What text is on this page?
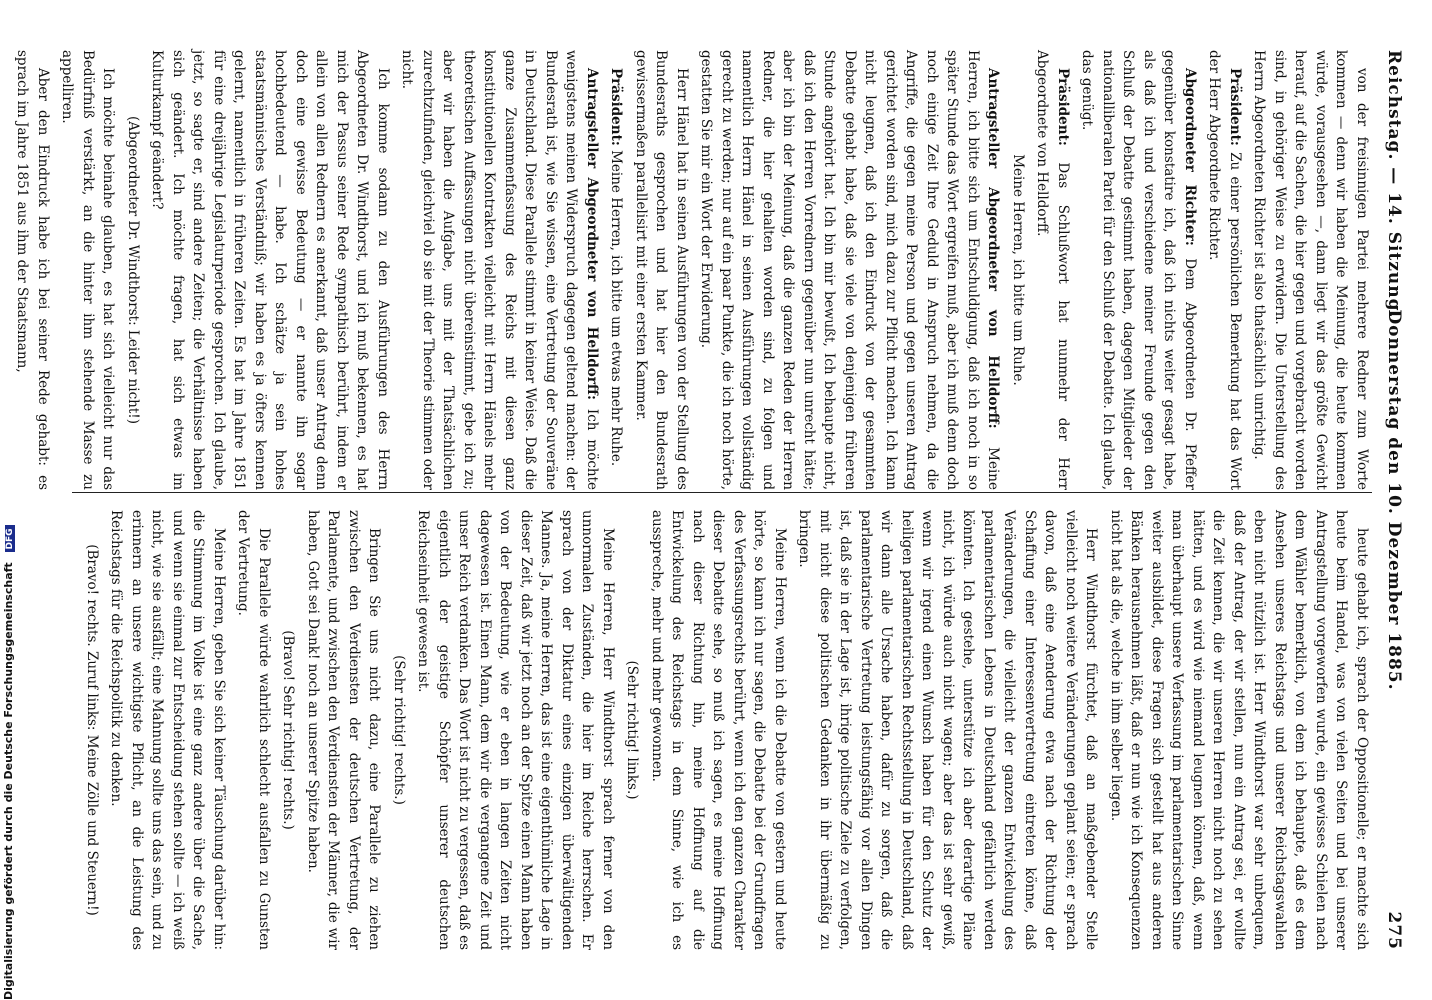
Reichstag. — 14. Sitzung.
Donnerstag den 10. Dezember 1885.
275

von der freisinnigen Partei mehrere Redner zum Worte kommen — denn wir haben die Meinung, die heute kommen würde, vorausgesehen —, dann liegt wir das größte Gewicht herauf, auf die Sachen, die hier gegen und vorgebracht worden sind, in gehöriger Weise zu erwidern. Die Unterstellung des Herrn Abgeordneten Richter ist also thatsächlich unrichtig.

Präsident: Zu einer persönlichen Bemerkung hat das Wort der Herr Abgeordnete Richter.

Abgeordneter Richter: Dem Abgeordneten Dr. Pfeffer gegenüber konstatire ich, daß ich nichts weiter gesagt habe, als daß ich und verschiedene meiner Freunde gegen den Schluß der Debatte gestimmt haben, dagegen Mitglieder der nationalliberalen Partei für den Schluß der Debatte. Ich glaube, das genügt.

Präsident: Das Schlußwort hat nunmehr der Herr Abgeordnete von Helldorff.

Meine Herren, ich bitte um Ruhe.

Antragsteller Abgeordneter von Helldorff: Meine Herren, ich bitte sich um Entschuldigung, daß ich noch in so später Stunde das Wort ergreifen muß, aber ich muß denn doch noch einige Zeit Ihre Geduld in Anspruch nehmen, da die Angriffe, die gegen meine Person und gegen unseren Antrag gerichtet worden sind, mich dazu zur Pflicht machen. Ich kann nicht leugnen, daß ich den Eindruck von der gesammten Debatte gehabt habe, daß sie viele von denjenigen früheren Stunde angehört hat. Ich bin mir bewußt, Ich behaupte nicht, daß ich den Herren Vorrednern gegenüber nun unrecht hätte; aber ich bin der Meinung, daß die ganzen Reden der Herren Redner, die hier gehalten worden sind, zu folgen und namentlich Herrn Hänel in seinen Ausführungen vollständig gerecht zu werden; nur auf ein paar Punkte, die ich noch hörte, gestatten Sie mir ein Wort der Erwiderung.

Herr Hänel hat in seinen Ausführungen von der Stellung des Bundesraths gesprochen und hat hier den Bundesrath gewissermaßen parallelisirt mit einer ersten Kammer.

Präsident: Meine Herren, ich bitte um etwas mehr Ruhe.

Antragsteller Abgeordneter von Helldorff: Ich möchte wenigstens meinen Widerspruch dagegen geltend machen: der Bundesrath ist, wie Sie wissen, eine Vertretung der Souveräne in Deutschland. Diese Parallele stimmt in keiner Weise. Daß die ganze Zusammenfassung des Reichs mit diesen ganz konstitutionellen Kontrakten vielleicht mit Herrn Hänels mehr theoretischen Auffassungen nicht übereinstimmt, gebe ich zu; aber wir haben die Aufgabe, uns mit der Thatsächlichen zurechtzufinden, gleichviel ob sie mit der Theorie stimmen oder nicht.

Ich komme sodann zu den Ausführungen des Herrn Abgeordneten Dr. Windthorst, und ich muß bekennen, es hat mich der Passus seiner Rede sympathisch berührt, indem er allein von allen Rednern es anerkannt, daß unser Antrag denn doch eine gewisse Bedeutung — er nannte ihn sogar hochbedeutend — habe. Ich schätze ja sein hohes staatsmännisches Verständniß; wir haben es ja öfters kennen gelernt, namentlich in früheren Zeiten. Es hat im Jahre 1851 für eine dreijährige Legislaturperiode gesprochen. Ich glaube, jetzt, so sagte er, sind andere Zeiten; die Verhältnisse haben sich geändert. Ich möchte fragen, hat sich etwas im Kulturkampf geändert?

(Abgeordneter Dr. Windthorst: Leider nicht!)

Ich möchte beinahe glauben, es hat sich vielleicht nur das Bedürfniß verstärkt, an die hinter ihm stehende Masse zu appelliren.

Aber den Eindruck habe ich bei seiner Rede gehabt: es sprach im Jahre 1851 aus ihm der Staatsmann,

heute gehabt ich, sprach der Oppositionelle; er machte sich heute beim Handel, was von vielen Seiten und bei unserer Antragstellung vorgeworfen wurde, ein gewisses Schielen nach dem Wähler bemerklich, von dem ich behaupte, daß es dem Ansehen unseres Reichstags und unserer Reichstagswahlen eben nicht nützlich ist. Herr Windthorst war sehr unbequem, daß der Antrag, der wir stellen, nun ein Antrag sei, er wollte die Zeit kennen, die wir unseren Herren nicht noch zu sehen hätten, und es wird wie niemand leugnen können, daß, wenn man überhaupt unsere Verfassung im parlamentarischen Sinne weiter ausbildet, diese Fragen sich gestellt hat aus anderen Bänken herausnehmen läßt, daß er nun wie ich Konsequenzen nicht hat als die, welche in ihm selber liegen.

Herr Windthorst fürchtet, daß an maßgebender Stelle vielleicht noch weitere Veränderungen geplant seien; er sprach davon, daß eine Aenderung etwa nach der Richtung der Schaffung einer Interessenvertretung eintreten könne, daß Veränderungen, die vielleicht der ganzen Entwickelung des parlamentarischen Lebens in Deutschland gefährlich werden könnten. Ich gestehe, unterstütze ich aber derartige Pläne nicht, ich würde auch nicht wagen; aber das ist sehr gewiß, wenn wir irgend einen Wunsch haben für den Schutz der heiligen parlamentarischen Rechtsstellung in Deutschland, daß wir dann alle Ursache haben, dafür zu sorgen, daß die parlamentarische Vertretung leistungsfähig vor allen Dingen ist, daß sie in der Lage ist, ihrige politische Ziele zu verfolgen, mit nicht diese politischen Gedanken in ihr übermäßig zu bringen.

Meine Herren, wenn ich die Debatte von gestern und heute hörte, so kann ich nur sagen, die Debatte bei der Grundfragen des Verfassungsrechts berührt, wenn ich den ganzen Charakter dieser Debatte sehe, so muß ich sagen, es meine Hoffnung nach dieser Richtung hin, meine Hoffnung auf die Entwickelung des Reichstags in dem Sinne, wie ich es ausspreche, mehr und mehr gewonnen.

(Sehr richtig! links.)

Meine Herren, Herr Windthorst sprach ferner von den unnormalen Zuständen, die hier im Reiche herrschen. Er sprach von der Diktatur eines einzigen überwältigenden Mannes. Ja, meine Herren, das ist eine eigenthümliche Lage in dieser Zeit, daß wir jetzt noch an der Spitze einen Mann haben von der Bedeutung, wie er eben in langen Zeiten nicht dagewesen ist. Einen Mann, dem wir die vergangene Zeit und unser Reich verdanken. Das Wort ist nicht zu vergessen, daß es eigentlich der geistige Schöpfer unserer deutschen Reichseinheit gewesen ist.

(Sehr richtig! rechts.)

Bringen Sie uns nicht dazu, eine Parallele zu ziehen zwischen den Verdiensten der deutschen Vertretung, der Parlamente, und zwischen den Verdiensten der Männer, die wir haben, Gott sei Dank! noch an unserer Spitze haben.

(Bravo! Sehr richtig! rechts.)

Die Parallele würde wahrlich schlecht ausfallen zu Gunsten der Vertretung.

Meine Herren, geben Sie sich keiner Täuschung darüber hin: die Stimmung im Volke ist eine ganz andere über die Sache, und wenn sie einmal zur Entscheidung stehen sollte — ich weiß nicht, wie sie ausfällt; eine Mahnung sollte uns das sein, und zu erinnern an unsere wichtigste Pflicht, an die Leistung des Reichstags für die Reichspolitik zu denken.

(Bravo! rechts. Zuruf links: Meine Zölle und Steuern!)

Digitalisierung gefördert durch die Deutsche Forschungsgemeinschaft DFG
